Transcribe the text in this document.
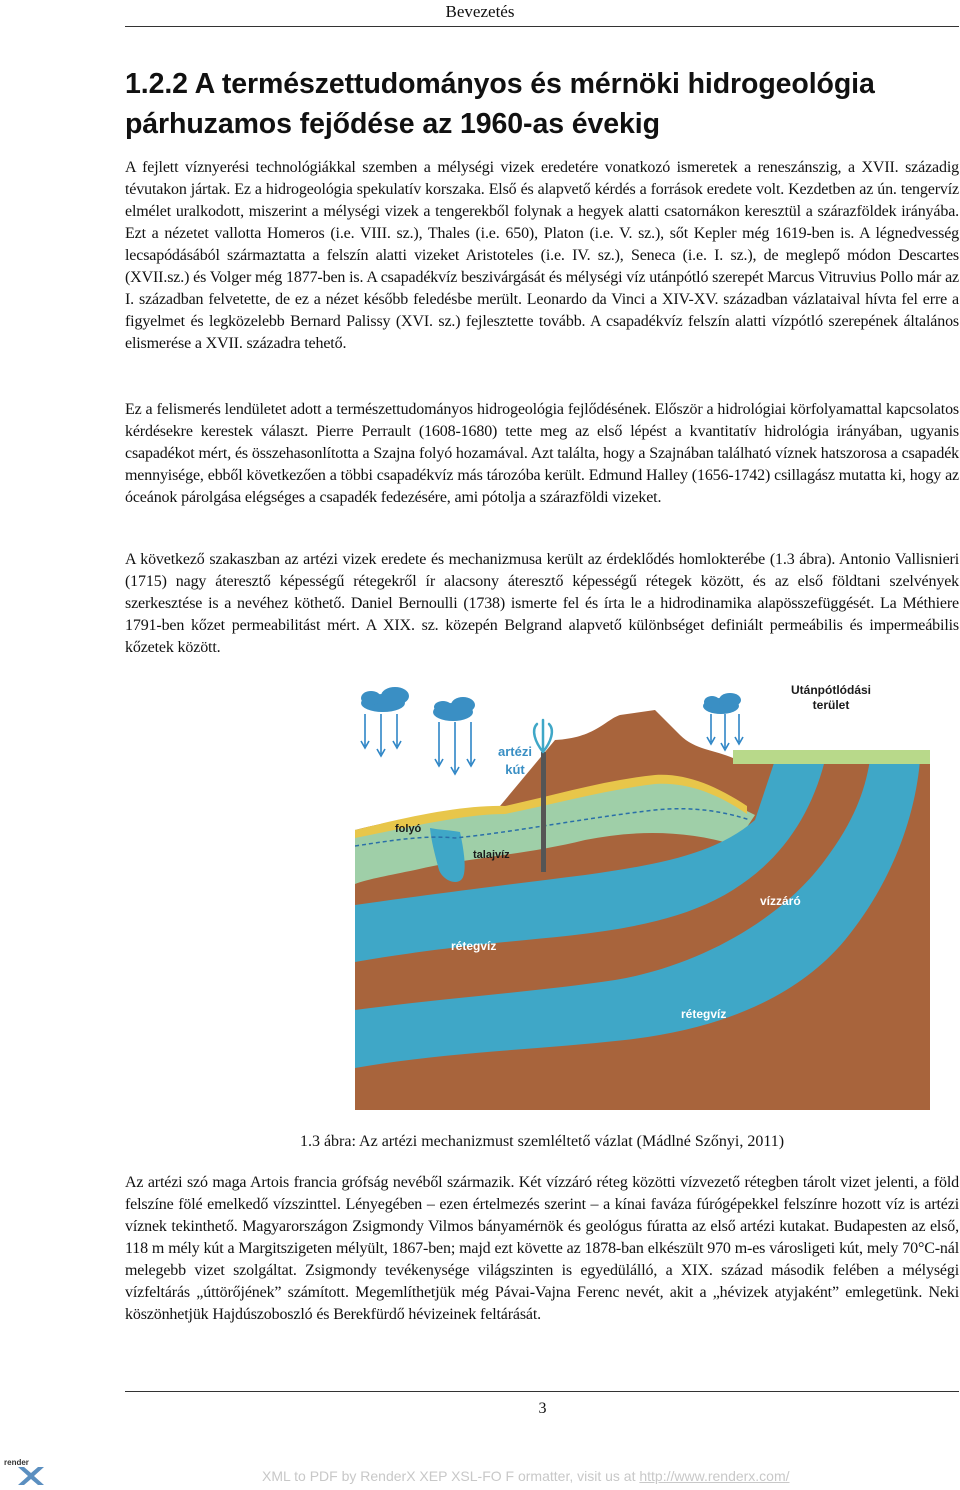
Bevezetés
1.2.2 A természettudományos és mérnöki hidrogeológia párhuzamos fejődése az 1960-as évekig

A fejlett víznyerési technológiákkal szemben a mélységi vizek eredetére vonatkozó ismeretek a reneszánszig, a XVII. századig tévutakon jártak. Ez a hidrogeológia spekulatív korszaka. Első és alapvető kérdés a források eredete volt. Kezdetben az ún. tengervíz elmélet uralkodott, miszerint a mélységi vizek a tengerekből folynak a hegyek alatti csatornákon keresztül a szárazföldek irányába. Ezt a nézetet vallotta Homeros (i.e. VIII. sz.), Thales (i.e. 650), Platon (i.e. V. sz.), sőt Kepler még 1619-ben is. A légnedvesség lecsapódásából származtatta a felszín alatti vizeket Aristoteles (i.e. IV. sz.), Seneca (i.e. I. sz.), de meglepő módon Descartes (XVII.sz.) és Volger még 1877-ben is. A csapadékvíz beszivárgását és mélységi víz utánpótló szerepét Marcus Vitruvius Pollo már az I. században felvetette, de ez a nézet később feledésbe merült. Leonardo da Vinci a XIV-XV. században vázlataival hívta fel erre a figyelmet és legközelebb Bernard Palissy (XVI. sz.) fejlesztette tovább. A csapadékvíz felszín alatti vízpótló szerepének általános elismerése a XVII. századra tehető.

Ez a felismerés lendületet adott a természettudományos hidrogeológia fejlődésének. Először a hidrológiai körfolyamattal kapcsolatos kérdésekre kerestek választ. Pierre Perrault (1608-1680) tette meg az első lépést a kvantitatív hidrológia irányában, ugyanis csapadékot mért, és összehasonlította a Szajna folyó hozamával. Azt találta, hogy a Szajnában található víznek hatszorosa a csapadék mennyisége, ebből következően a többi csapadékvíz más tározóba került. Edmund Halley (1656-1742) csillagász mutatta ki, hogy az óceánok párolgása elégséges a csapadék fedezésére, ami pótolja a szárazföldi vizeket.

A következő szakaszban az artézi vizek eredete és mechanizmusa került az érdeklődés homlokterébe (1.3 ábra). Antonio Vallisnieri (1715) nagy áteresztő képességű rétegekről ír alacsony áteresztő képességű rétegek között, és az első földtani szelvények szerkesztése is a nevéhez köthető. Daniel Bernoulli (1738) ismerte fel és írta le a hidrodinamika alapösszefüggését. La Méthiere 1791-ben kőzet permeabilitást mért. A XIX. sz. közepén Belgrand alapvető különbséget definiált permeábilis és impermeábilis kőzetek között.

Utánpótlódási
terület
artézi
kút
folyó
talajvíz
vízzáró
rétegvíz
rétegvíz
1.3 ábra: Az artézi mechanizmust szemléltető vázlat (Mádlné Szőnyi, 2011)

Az artézi szó maga Artois francia grófság nevéből származik. Két vízzáró réteg közötti vízvezető rétegben tárolt vizet jelenti, a föld felszíne fölé emelkedő vízszinttel. Lényegében – ezen értelmezés szerint – a kínai faváza fúrógépekkel felszínre hozott víz is artézi víznek tekinthető. Magyarországon Zsigmondy Vilmos bányamérnök és geológus fúratta az első artézi kutakat. Budapesten az első, 118 m mély kút a Margitszigeten mélyült, 1867-ben; majd ezt követte az 1878-ban elkészült 970 m-es városligeti kút, mely 70°C-nál melegebb vizet szolgáltat. Zsigmondy tevékenysége világszinten is egyedülálló, a XIX. század második felében a mélységi vízfeltárás „úttörőjének” számított. Megemlíthetjük még Pávai-Vajna Ferenc nevét, akit a „hévizek atyjaként” emlegetünk. Neki köszönhetjük Hajdúszoboszló és Berekfürdő hévizeinek feltárását.

3
render
XML to PDF by RenderX XEP XSL-FO F ormatter, visit us at http://www.renderx.com/
